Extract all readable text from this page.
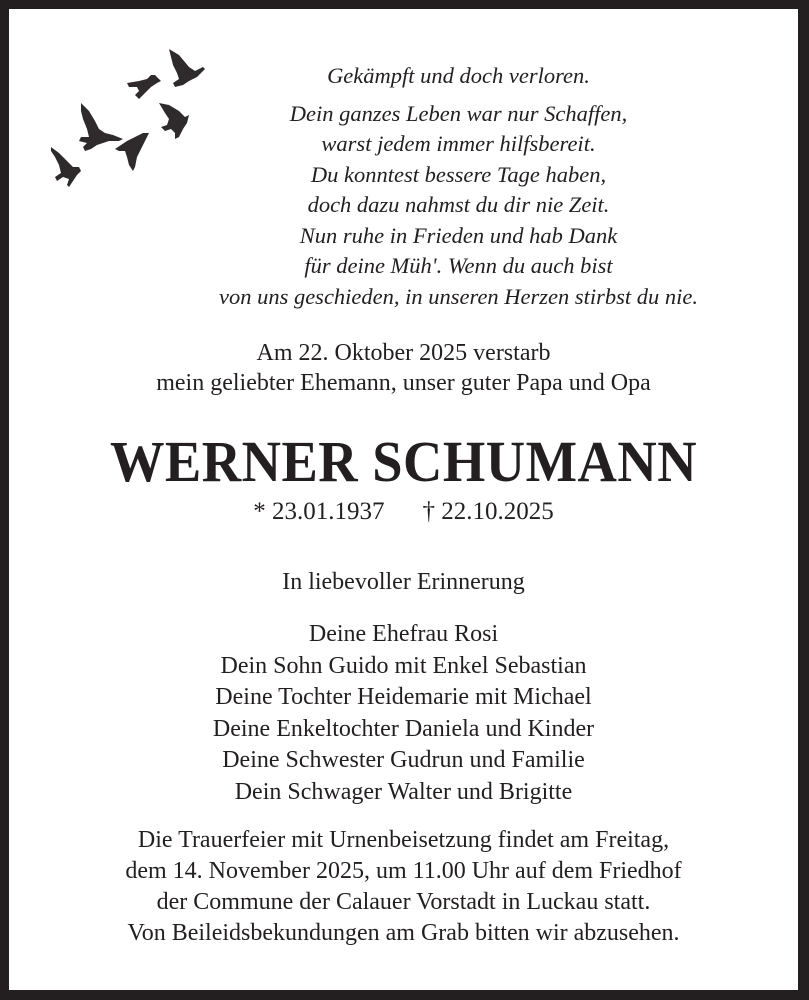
Gekämpft und doch verloren.
Dein ganzes Leben war nur Schaffen,
warst jedem immer hilfsbereit.
Du konntest bessere Tage haben,
doch dazu nahmst du dir nie Zeit.
Nun ruhe in Frieden und hab Dank
für deine Müh'. Wenn du auch bist
von uns geschieden, in unseren Herzen stirbst du nie.
Am 22. Oktober 2025 verstarb
mein geliebter Ehemann, unser guter Papa und Opa
WERNER SCHUMANN
* 23.01.1937 † 22.10.2025
In liebevoller Erinnerung
Deine Ehefrau Rosi
Dein Sohn Guido mit Enkel Sebastian
Deine Tochter Heidemarie mit Michael
Deine Enkeltochter Daniela und Kinder
Deine Schwester Gudrun und Familie
Dein Schwager Walter und Brigitte
Die Trauerfeier mit Urnenbeisetzung findet am Freitag,
dem 14. November 2025, um 11.00 Uhr auf dem Friedhof
der Commune der Calauer Vorstadt in Luckau statt.
Von Beileidsbekundungen am Grab bitten wir abzusehen.
